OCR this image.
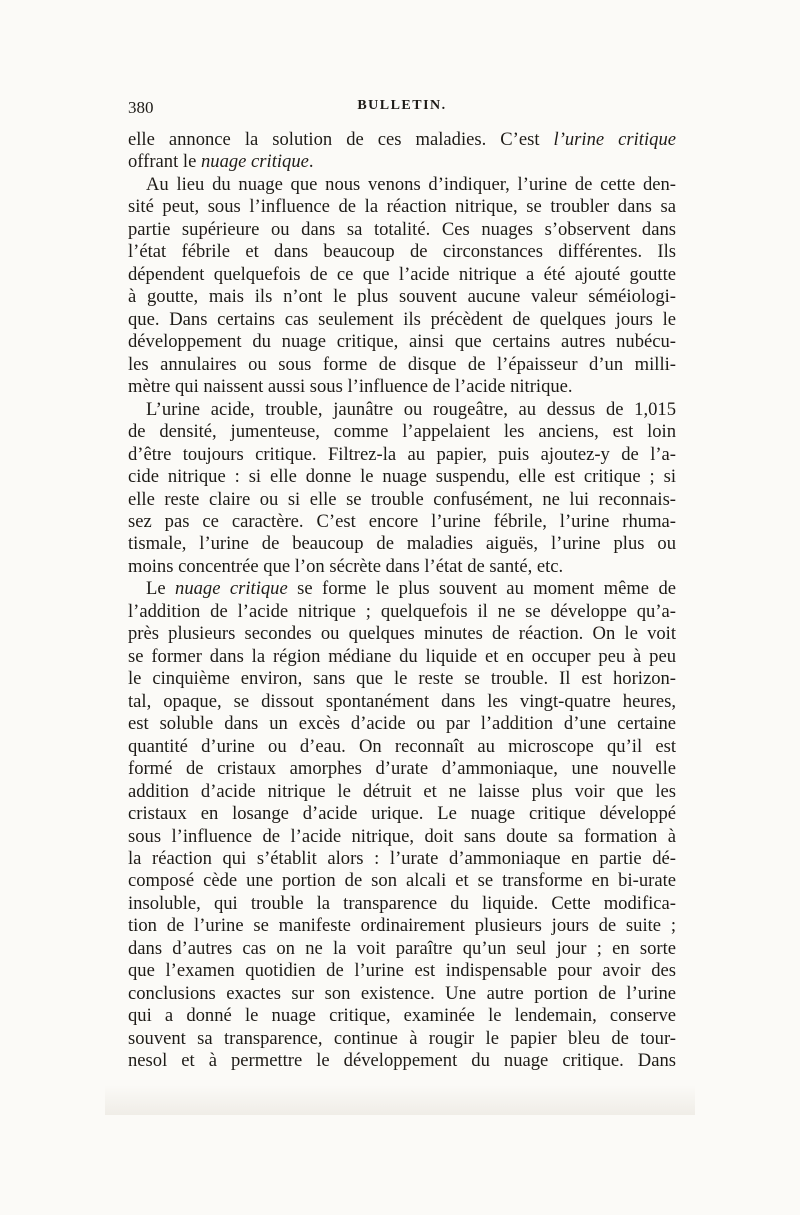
380	BULLETIN.
elle annonce la solution de ces maladies. C’est l’urine critique
offrant le nuage critique.
Au lieu du nuage que nous venons d’indiquer, l’urine de cette den-
sité peut, sous l’influence de la réaction nitrique, se troubler dans sa
partie supérieure ou dans sa totalité. Ces nuages s’observent dans
l’état fébrile et dans beaucoup de circonstances différentes. Ils
dépendent quelquefois de ce que l’acide nitrique a été ajouté goutte
à goutte, mais ils n’ont le plus souvent aucune valeur séméiologi-
que. Dans certains cas seulement ils précèdent de quelques jours le
développement du nuage critique, ainsi que certains autres nubécu-
les annulaires ou sous forme de disque de l’épaisseur d’un milli-
mètre qui naissent aussi sous l’influence de l’acide nitrique.
L’urine acide, trouble, jaunâtre ou rougeâtre, au dessus de 1,015
de densité, jumenteuse, comme l’appelaient les anciens, est loin
d’être toujours critique. Filtrez-la au papier, puis ajoutez-y de l’a-
cide nitrique : si elle donne le nuage suspendu, elle est critique ; si
elle reste claire ou si elle se trouble confusément, ne lui reconnais-
sez pas ce caractère. C’est encore l’urine fébrile, l’urine rhuma-
tismale, l’urine de beaucoup de maladies aiguës, l’urine plus ou
moins concentrée que l’on sécrète dans l’état de santé, etc.
Le nuage critique se forme le plus souvent au moment même de
l’addition de l’acide nitrique ; quelquefois il ne se développe qu’a-
près plusieurs secondes ou quelques minutes de réaction. On le voit
se former dans la région médiane du liquide et en occuper peu à peu
le cinquième environ, sans que le reste se trouble. Il est horizon-
tal, opaque, se dissout spontanément dans les vingt-quatre heures,
est soluble dans un excès d’acide ou par l’addition d’une certaine
quantité d’urine ou d’eau. On reconnaît au microscope qu’il est
formé de cristaux amorphes d’urate d’ammoniaque, une nouvelle
addition d’acide nitrique le détruit et ne laisse plus voir que les
cristaux en losange d’acide urique. Le nuage critique développé
sous l’influence de l’acide nitrique, doit sans doute sa formation à
la réaction qui s’établit alors : l’urate d’ammoniaque en partie dé-
composé cède une portion de son alcali et se transforme en bi-urate
insoluble, qui trouble la transparence du liquide. Cette modifica-
tion de l’urine se manifeste ordinairement plusieurs jours de suite ;
dans d’autres cas on ne la voit paraître qu’un seul jour ; en sorte
que l’examen quotidien de l’urine est indispensable pour avoir des
conclusions exactes sur son existence. Une autre portion de l’urine
qui a donné le nuage critique, examinée le lendemain, conserve
souvent sa transparence, continue à rougir le papier bleu de tour-
nesol et à permettre le développement du nuage critique. Dans
